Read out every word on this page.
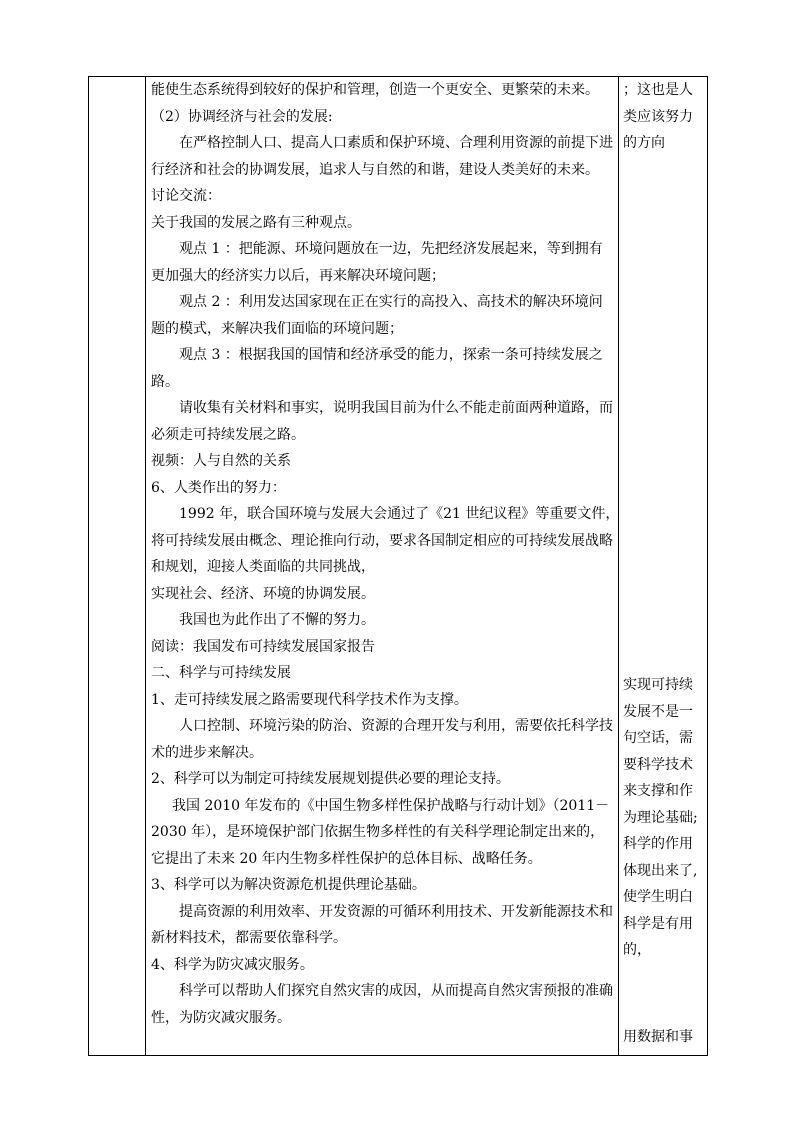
能使生态系统得到较好的保护和管理，创造一个更安全、更繁荣的未来。
（2）协调经济与社会的发展:
在严格控制人口、提高人口素质和保护环境、合理利用资源的前提下进
行经济和社会的协调发展，追求人与自然的和谐，建设人类美好的未来。
讨论交流：
关于我国的发展之路有三种观点。
观点 1 ：把能源、环境问题放在一边，先把经济发展起来，等到拥有
更加强大的经济实力以后，再来解决环境问题；
观点 2 ：利用发达国家现在正在实行的高投入、高技术的解决环境问
题的模式，来解决我们面临的环境问题；
观点 3 ：根据我国的国情和经济承受的能力，探索一条可持续发展之
路。
请收集有关材料和事实，说明我国目前为什么不能走前面两种道路，而
必须走可持续发展之路。
视频：人与自然的关系
6、人类作出的努力：
1992 年，联合国环境与发展大会通过了《21 世纪议程》等重要文件，
将可持续发展由概念、理论推向行动，要求各国制定相应的可持续发展战略
和规划，迎接人类面临的共同挑战，
实现社会、经济、环境的协调发展。
我国也为此作出了不懈的努力。
阅读：我国发布可持续发展国家报告
二、科学与可持续发展
1、走可持续发展之路需要现代科学技术作为支撑。
人口控制、环境污染的防治、资源的合理开发与利用，需要依托科学技
术的进步来解决。
2、科学可以为制定可持续发展规划提供必要的理论支持。
我国 2010 年发布的《中国生物多样性保护战略与行动计划》（2011－
2030 年），是环境保护部门依据生物多样性的有关科学理论制定出来的，
它提出了未来 20 年内生物多样性保护的总体目标、战略任务。
3、科学可以为解决资源危机提供理论基础。
提高资源的利用效率、开发资源的可循环利用技术、开发新能源技术和
新材料技术，都需要依靠科学。
4、科学为防灾减灾服务。
科学可以帮助人们探究自然灾害的成因，从而提高自然灾害预报的准确
性，为防灾减灾服务。
；这也是人
类应该努力
的方向
实现可持续
发展不是一
句空话，需
要科学技术
来支撑和作
为理论基础;
科学的作用
体现出来了,
使学生明白
科学是有用
的，
用数据和事
